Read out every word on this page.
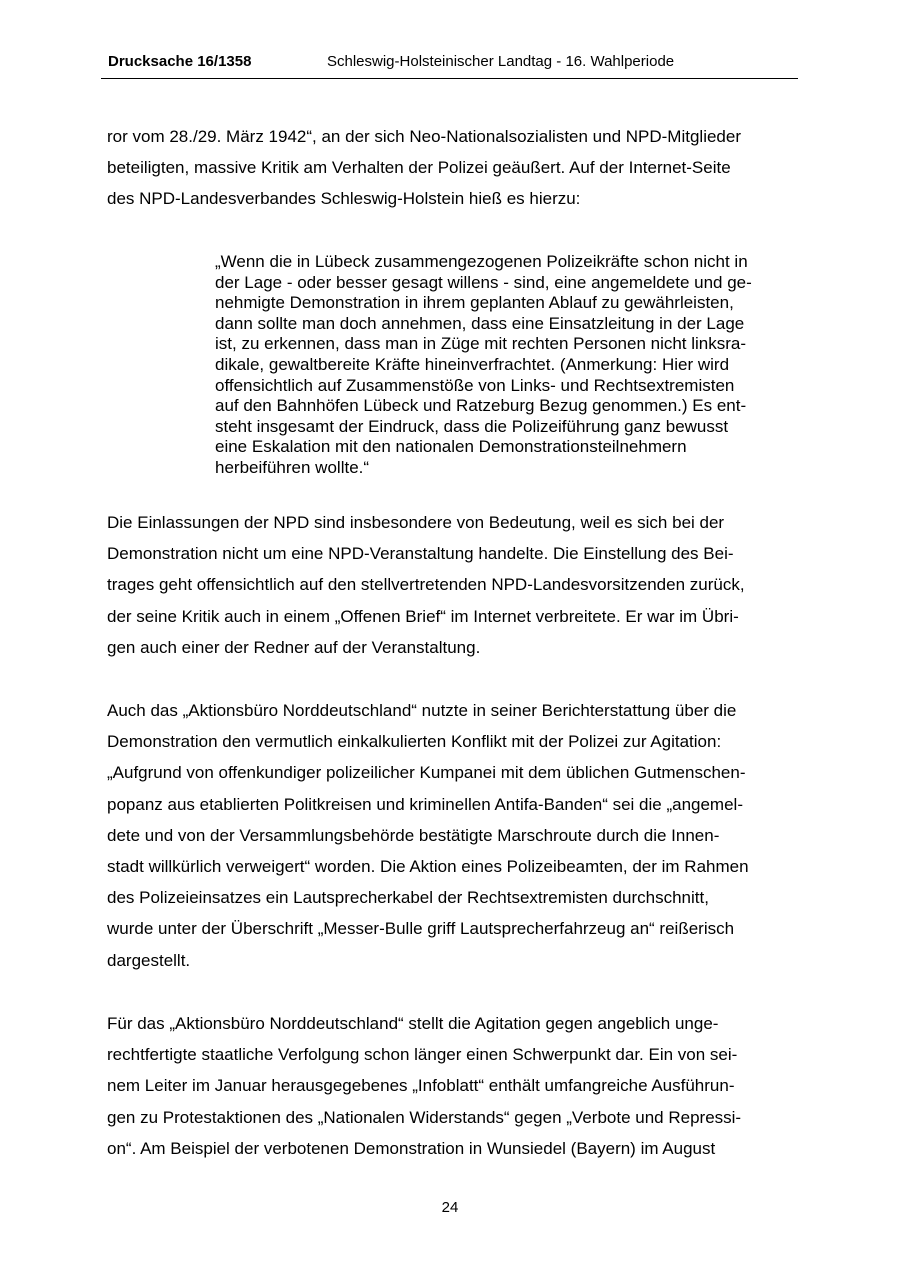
Drucksache 16/1358	Schleswig-Holsteinischer Landtag - 16. Wahlperiode

ror vom 28./29. März 1942“, an der sich Neo-Nationalsozialisten und NPD-Mitglieder
beteiligten, massive Kritik am Verhalten der Polizei geäußert. Auf der Internet-Seite
des NPD-Landesverbandes Schleswig-Holstein hieß es hierzu:

„Wenn die in Lübeck zusammengezogenen Polizeikräfte schon nicht in
der Lage - oder besser gesagt willens - sind, eine angemeldete und ge-
nehmigte Demonstration in ihrem geplanten Ablauf zu gewährleisten,
dann sollte man doch annehmen, dass eine Einsatzleitung in der Lage
ist, zu erkennen, dass man in Züge mit rechten Personen nicht linksra-
dikale, gewaltbereite Kräfte hineinverfrachtet. (Anmerkung: Hier wird
offensichtlich auf Zusammenstöße von Links- und Rechtsextremisten
auf den Bahnhöfen Lübeck und Ratzeburg Bezug genommen.) Es ent-
steht insgesamt der Eindruck, dass die Polizeiführung ganz bewusst
eine Eskalation mit den nationalen Demonstrationsteilnehmern
herbeiführen wollte.“

Die Einlassungen der NPD sind insbesondere von Bedeutung, weil es sich bei der
Demonstration nicht um eine NPD-Veranstaltung handelte. Die Einstellung des Bei-
trages geht offensichtlich auf den stellvertretenden NPD-Landesvorsitzenden zurück,
der seine Kritik auch in einem „Offenen Brief“ im Internet verbreitete. Er war im Übri-
gen auch einer der Redner auf der Veranstaltung.

Auch das „Aktionsbüro Norddeutschland“ nutzte in seiner Berichterstattung über die
Demonstration den vermutlich einkalkulierten Konflikt mit der Polizei zur Agitation:
„Aufgrund von offenkundiger polizeilicher Kumpanei mit dem üblichen Gutmenschen-
popanz aus etablierten Politkreisen und kriminellen Antifa-Banden“ sei die „angemel-
dete und von der Versammlungsbehörde bestätigte Marschroute durch die Innen-
stadt willkürlich verweigert“ worden. Die Aktion eines Polizeibeamten, der im Rahmen
des Polizeieinsatzes ein Lautsprecherkabel der Rechtsextremisten durchschnitt,
wurde unter der Überschrift „Messer-Bulle griff Lautsprecherfahrzeug an“ reißerisch
dargestellt.

Für das „Aktionsbüro Norddeutschland“ stellt die Agitation gegen angeblich unge-
rechtfertigte staatliche Verfolgung schon länger einen Schwerpunkt dar. Ein von sei-
nem Leiter im Januar herausgegebenes „Infoblatt“ enthält umfangreiche Ausführun-
gen zu Protestaktionen des „Nationalen Widerstands“ gegen „Verbote und Repressi-
on“. Am Beispiel der verbotenen Demonstration in Wunsiedel (Bayern) im August

24
